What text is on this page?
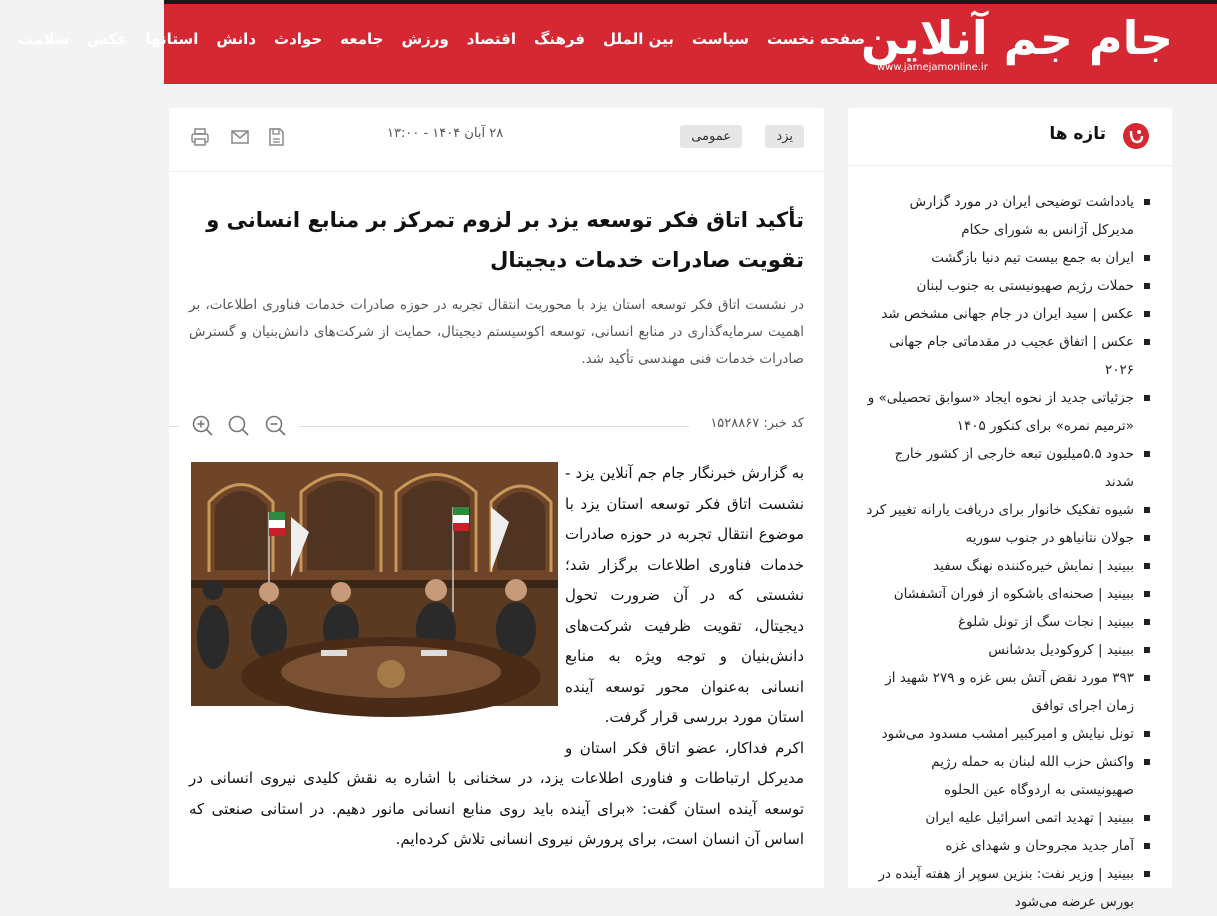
جام جم آنلاین
www.jamejamonline.ir
صفحه نخست
سیاست
بین الملل
فرهنگ
اقتصاد
ورزش
جامعه
حوادث
دانش
استانها
عکس
سلامت
یزد
عمومی
۲۸ آبان ۱۴۰۴ - ۱۳:۰۰
تأکید اتاق فکر توسعه یزد بر لزوم تمرکز بر منابع انسانی و تقویت صادرات خدمات دیجیتال

در نشست اتاق فکر توسعه استان یزد با محوریت انتقال تجربه در حوزه صادرات خدمات فناوری اطلاعات، بر اهمیت سرمایه‌گذاری در منابع انسانی، توسعه اکوسیستم دیجیتال، حمایت از شرکت‌های دانش‌بنیان و گسترش صادرات خدمات فنی مهندسی تأکید شد.

کد خبر: ۱۵۲۸۸۶۷

به گزارش خبرنگار جام جم آنلاین یزد - نشست اتاق فکر توسعه استان یزد با موضوع انتقال تجربه در حوزه صادرات خدمات فناوری اطلاعات برگزار شد؛ نشستی که در آن ضرورت تحول دیجیتال، تقویت ظرفیت شرکت‌های دانش‌بنیان و توجه ویژه به منابع انسانی به‌عنوان محور توسعه آینده استان مورد بررسی قرار گرفت.

اکرم فداکار، عضو اتاق فکر استان و مدیرکل ارتباطات و فناوری اطلاعات یزد، در سخنانی با اشاره به نقش کلیدی نیروی انسانی در توسعه آینده استان گفت: «برای آینده باید روی منابع انسانی مانور دهیم. در استانی صنعتی که اساس آن انسان است، برای پرورش نیروی انسانی تلاش کرده‌ایم.

تازه ها
یادداشت توضیحی ایران در مورد گزارش مدیرکل آژانس به شورای حکام
ایران به جمع بیست تیم دنیا بازگشت
حملات رژیم صهیونیستی به جنوب لبنان
عکس | سید ایران در جام جهانی مشخص شد
عکس | اتفاق عجیب در مقدماتی جام جهانی ۲۰۲۶
جزئیاتی جدید از نحوه ایجاد «سوابق تحصیلی» و «ترمیم نمره» برای کنکور ۱۴۰۵
حدود ۵.۵میلیون تبعه خارجی از کشور خارج شدند
شیوه تفکیک خانوار برای دریافت یارانه تغییر کرد
جولان نتانیاهو در جنوب سوریه
ببینید | نمایش خیره‌کننده نهنگ سفید
ببینید | صحنه‌ای باشکوه از فوران آتشفشان
ببینید | نجات سگ از تونل شلوغ
ببینید | کروکودیل بدشانس
۳۹۳ مورد نقض آتش بس غزه و ۲۷۹ شهید از زمان اجرای توافق
تونل نیایش و امیرکبیر امشب مسدود می‌شود
واکنش حزب الله لبنان به حمله رژیم صهیونیستی به اردوگاه عین الحلوه
ببینید | تهدید اتمی اسرائیل علیه ایران
آمار جدید مجروحان و شهدای غزه
ببینید | وزیر نفت: بنزین سوپر از هفته آینده در بورس عرضه می‌شود
